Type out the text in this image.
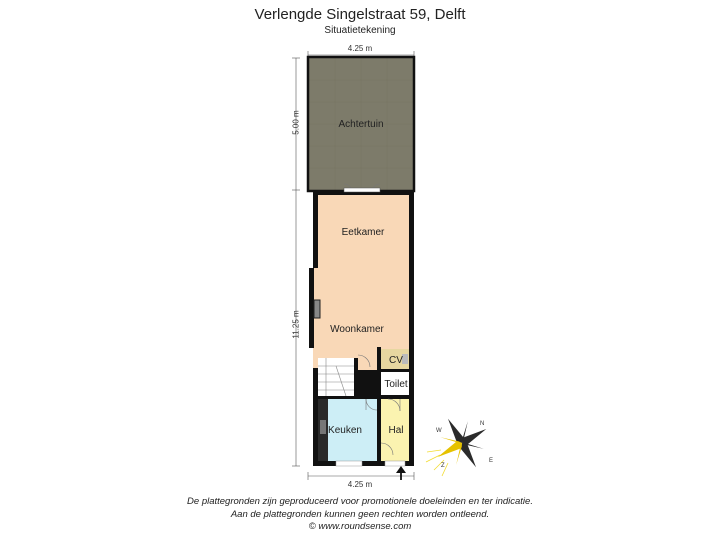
Verlengde Singelstraat 59, Delft
Situatietekening
Achtertuin
Eetkamer
Woonkamer
CV
Toilet
Keuken	Hal
N
E
Z
W
4.25 m
4.25 m
5.00 m
11.25 m
De plattegronden zijn geproduceerd voor promotionele doeleinden en ter indicatie.
Aan de plattegronden kunnen geen rechten worden ontleend.
© www.roundsense.com
